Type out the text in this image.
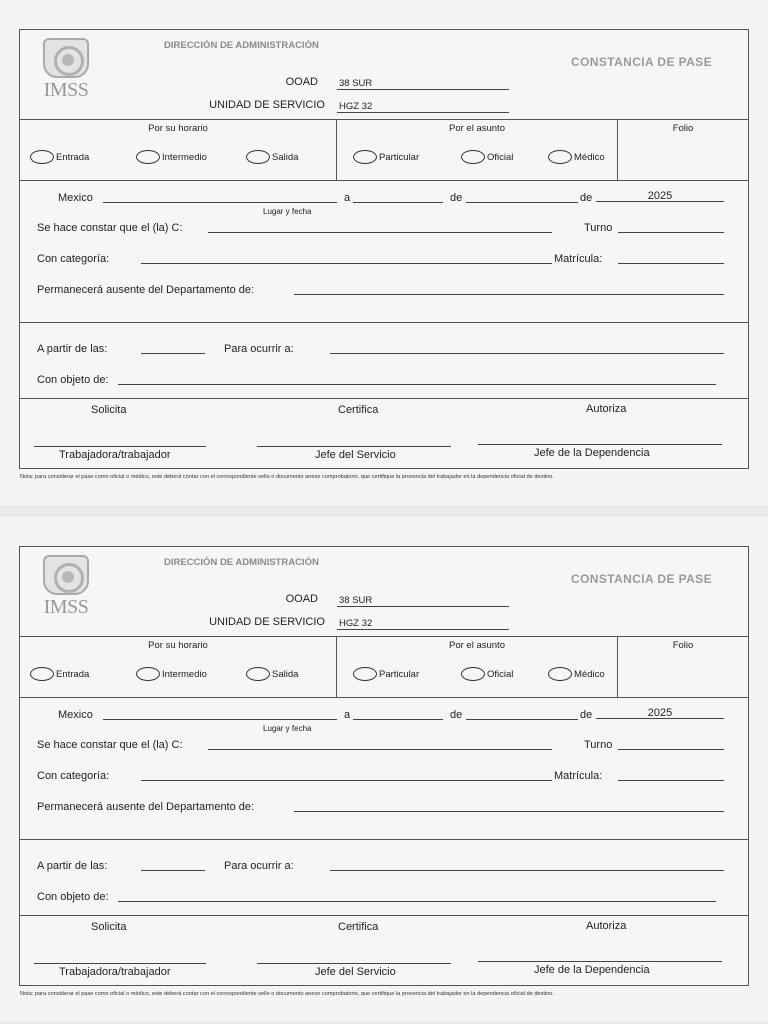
IMSS
DIRECCIÓN DE ADMINISTRACIÓN
CONSTANCIA DE PASE
OOAD 38 SUR
UNIDAD DE SERVICIO HGZ 32
Por su horario
Entrada	Intermedio	Salida
Por el asunto
Particular	Oficial	Médico
Folio
Mexico	a	de	de	2025
Lugar y fecha
Se hace constar que el (la) C:	Turno
Con categoría:	Matrícula:
Permanecerá ausente del Departamento de:
A partir de las:	Para ocurrir a:
Con objeto de:
Solicita	Certifica	Autoriza
Trabajadora/trabajador	Jefe del Servicio	Jefe de la Dependencia
Nota: para considerar el pase como oficial o médico, este deberá contar con el correspondiente sello o documento anexo comprobatorio, que certifique la presencia del trabajador en la dependencia oficial de destino.
IMSS
DIRECCIÓN DE ADMINISTRACIÓN
CONSTANCIA DE PASE
OOAD 38 SUR
UNIDAD DE SERVICIO HGZ 32
Por su horario
Entrada	Intermedio	Salida
Por el asunto
Particular	Oficial	Médico
Folio
Mexico	a	de	de	2025
Lugar y fecha
Se hace constar que el (la) C:	Turno
Con categoría:	Matrícula:
Permanecerá ausente del Departamento de:
A partir de las:	Para ocurrir a:
Con objeto de:
Solicita	Certifica	Autoriza
Trabajadora/trabajador	Jefe del Servicio	Jefe de la Dependencia
Nota: para considerar el pase como oficial o médico, este deberá contar con el correspondiente sello o documento anexo comprobatorio, que certifique la presencia del trabajador en la dependencia oficial de destino.
